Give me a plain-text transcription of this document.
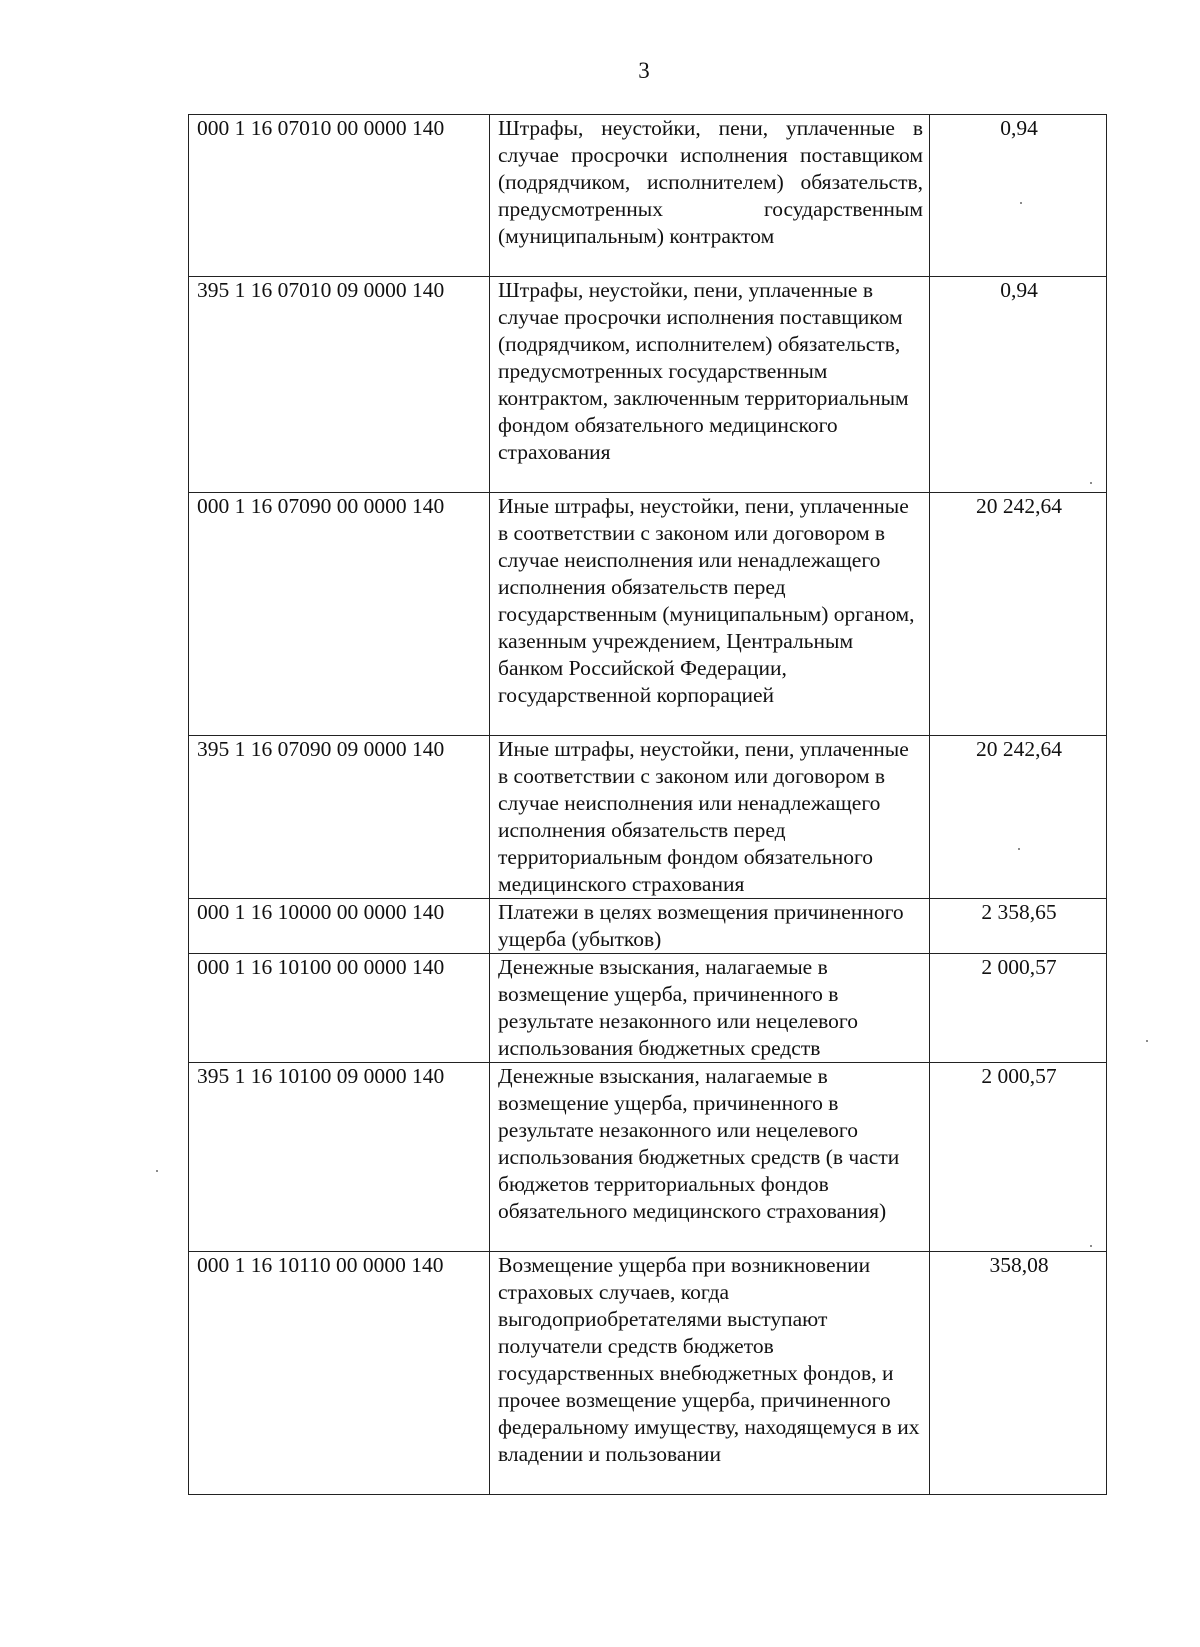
3
000 1 16 07010 00 0000 140	Штрафы, неустойки, пени, уплаченные в случае просрочки исполнения поставщиком (подрядчиком, исполнителем) обязательств, предусмотренных государственным (муниципальным) контрактом	0,94
395 1 16 07010 09 0000 140	Штрафы, неустойки, пени, уплаченные в случае просрочки исполнения поставщиком (подрядчиком, исполнителем) обязательств, предусмотренных государственным контрактом, заключенным территориальным фондом обязательного медицинского страхования	0,94
000 1 16 07090 00 0000 140	Иные штрафы, неустойки, пени, уплаченные в соответствии с законом или договором в случае неисполнения или ненадлежащего исполнения обязательств перед государственным (муниципальным) органом, казенным учреждением, Центральным банком Российской Федерации, государственной корпорацией	20 242,64
395 1 16 07090 09 0000 140	Иные штрафы, неустойки, пени, уплаченные в соответствии с законом или договором в случае неисполнения или ненадлежащего исполнения обязательств перед территориальным фондом обязательного медицинского страхования	20 242,64
000 1 16 10000 00 0000 140	Платежи в целях возмещения причиненного ущерба (убытков)	2 358,65
000 1 16 10100 00 0000 140	Денежные взыскания, налагаемые в возмещение ущерба, причиненного в результате незаконного или нецелевого использования бюджетных средств	2 000,57
395 1 16 10100 09 0000 140	Денежные взыскания, налагаемые в возмещение ущерба, причиненного в результате незаконного или нецелевого использования бюджетных средств (в части бюджетов территориальных фондов обязательного медицинского страхования)	2 000,57
000 1 16 10110 00 0000 140	Возмещение ущерба при возникновении страховых случаев, когда выгодоприобретателями выступают получатели средств бюджетов государственных внебюджетных фондов, и прочее возмещение ущерба, причиненного федеральному имуществу, находящемуся в их владении и пользовании	358,08
